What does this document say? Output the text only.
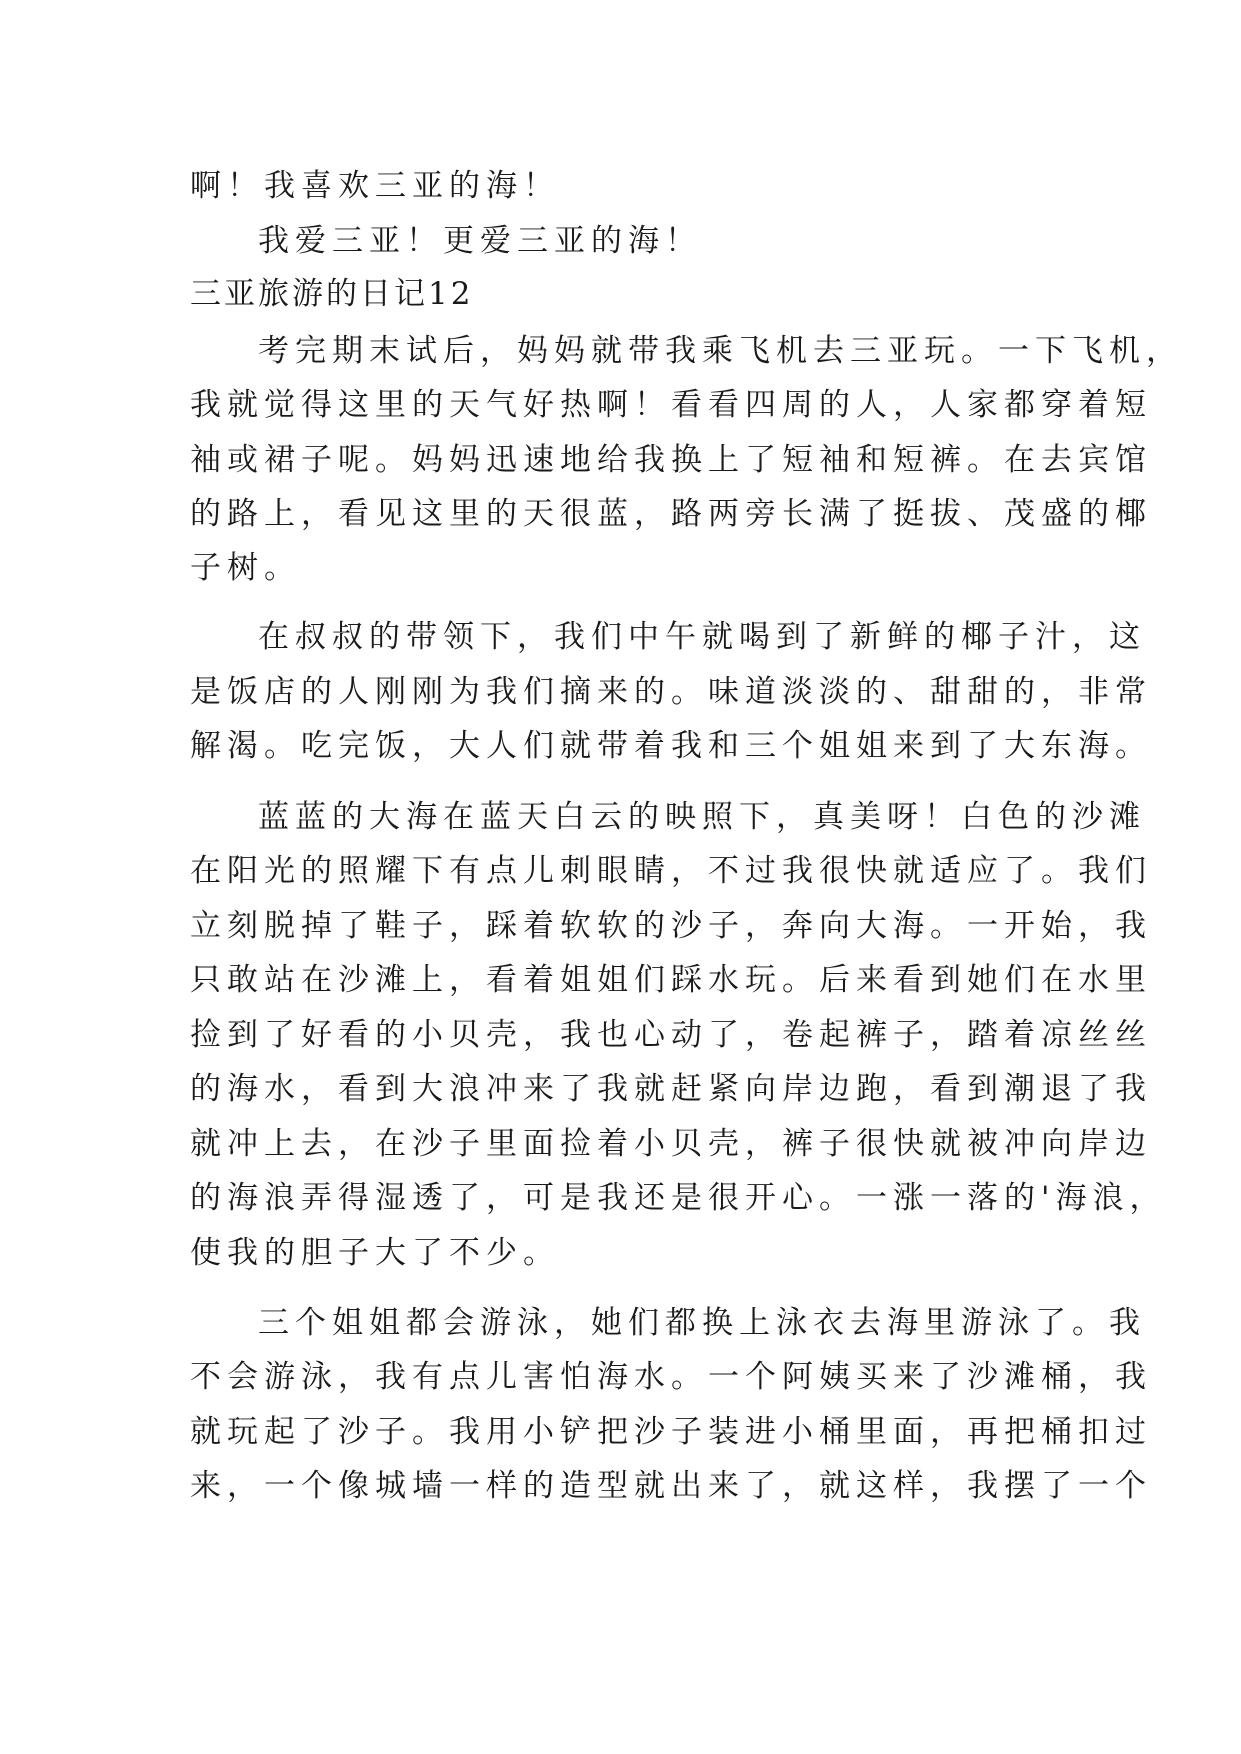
啊！我喜欢三亚的海！
我爱三亚！更爱三亚的海！
三亚旅游的日记12
考完期末试后，妈妈就带我乘飞机去三亚玩。一下飞机，
我就觉得这里的天气好热啊！看看四周的人，人家都穿着短
袖或裙子呢。妈妈迅速地给我换上了短袖和短裤。在去宾馆
的路上，看见这里的天很蓝，路两旁长满了挺拔、茂盛的椰
子树。
在叔叔的带领下，我们中午就喝到了新鲜的椰子汁，这
是饭店的人刚刚为我们摘来的。味道淡淡的、甜甜的，非常
解渴。吃完饭，大人们就带着我和三个姐姐来到了大东海。
蓝蓝的大海在蓝天白云的映照下，真美呀！白色的沙滩
在阳光的照耀下有点儿刺眼睛，不过我很快就适应了。我们
立刻脱掉了鞋子，踩着软软的沙子，奔向大海。一开始，我
只敢站在沙滩上，看着姐姐们踩水玩。后来看到她们在水里
捡到了好看的小贝壳，我也心动了，卷起裤子，踏着凉丝丝
的海水，看到大浪冲来了我就赶紧向岸边跑，看到潮退了我
就冲上去，在沙子里面捡着小贝壳，裤子很快就被冲向岸边
的海浪弄得湿透了，可是我还是很开心。一涨一落的'海浪，
使我的胆子大了不少。
三个姐姐都会游泳，她们都换上泳衣去海里游泳了。我
不会游泳，我有点儿害怕海水。一个阿姨买来了沙滩桶，我
就玩起了沙子。我用小铲把沙子装进小桶里面，再把桶扣过
来，一个像城墙一样的造型就出来了，就这样，我摆了一个
